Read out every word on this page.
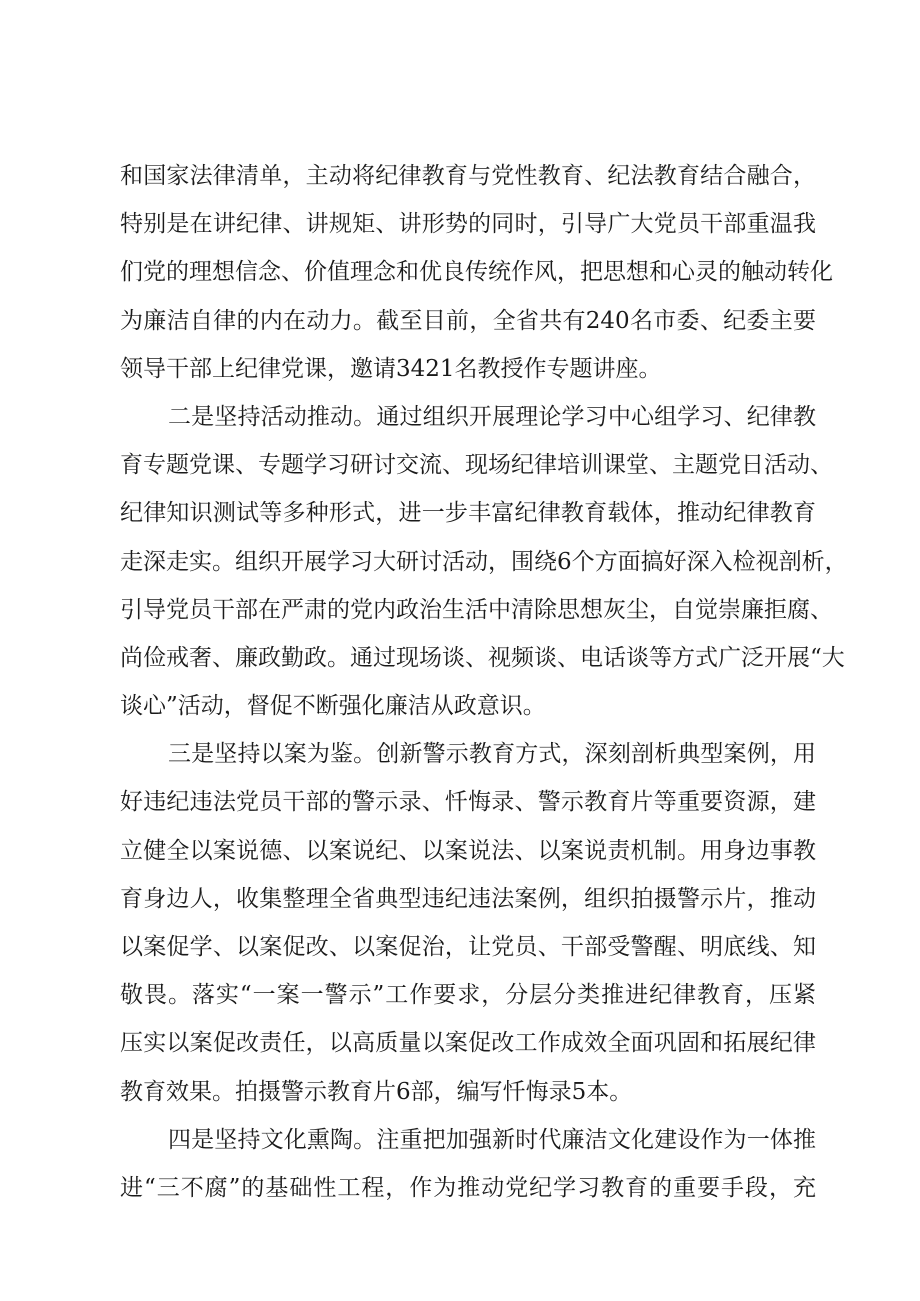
和国家法律清单，主动将纪律教育与党性教育、纪法教育结合融合，
特别是在讲纪律、讲规矩、讲形势的同时，引导广大党员干部重温我
们党的理想信念、价值理念和优良传统作风，把思想和心灵的触动转化
为廉洁自律的内在动力。截至目前，全省共有240名市委、纪委主要
领导干部上纪律党课，邀请3421名教授作专题讲座。
二是坚持活动推动。通过组织开展理论学习中心组学习、纪律教
育专题党课、专题学习研讨交流、现场纪律培训课堂、主题党日活动、
纪律知识测试等多种形式，进一步丰富纪律教育载体，推动纪律教育
走深走实。组织开展学习大研讨活动，围绕6个方面搞好深入检视剖析，
引导党员干部在严肃的党内政治生活中清除思想灰尘，自觉崇廉拒腐、
尚俭戒奢、廉政勤政。通过现场谈、视频谈、电话谈等方式广泛开展“大
谈心”活动，督促不断强化廉洁从政意识。
三是坚持以案为鉴。创新警示教育方式，深刻剖析典型案例，用
好违纪违法党员干部的警示录、忏悔录、警示教育片等重要资源，建
立健全以案说德、以案说纪、以案说法、以案说责机制。用身边事教
育身边人，收集整理全省典型违纪违法案例，组织拍摄警示片，推动
以案促学、以案促改、以案促治，让党员、干部受警醒、明底线、知
敬畏。落实“一案一警示”工作要求，分层分类推进纪律教育，压紧
压实以案促改责任，以高质量以案促改工作成效全面巩固和拓展纪律
教育效果。拍摄警示教育片6部，编写忏悔录5本。
四是坚持文化熏陶。注重把加强新时代廉洁文化建设作为一体推
进“三不腐”的基础性工程，作为推动党纪学习教育的重要手段，充
